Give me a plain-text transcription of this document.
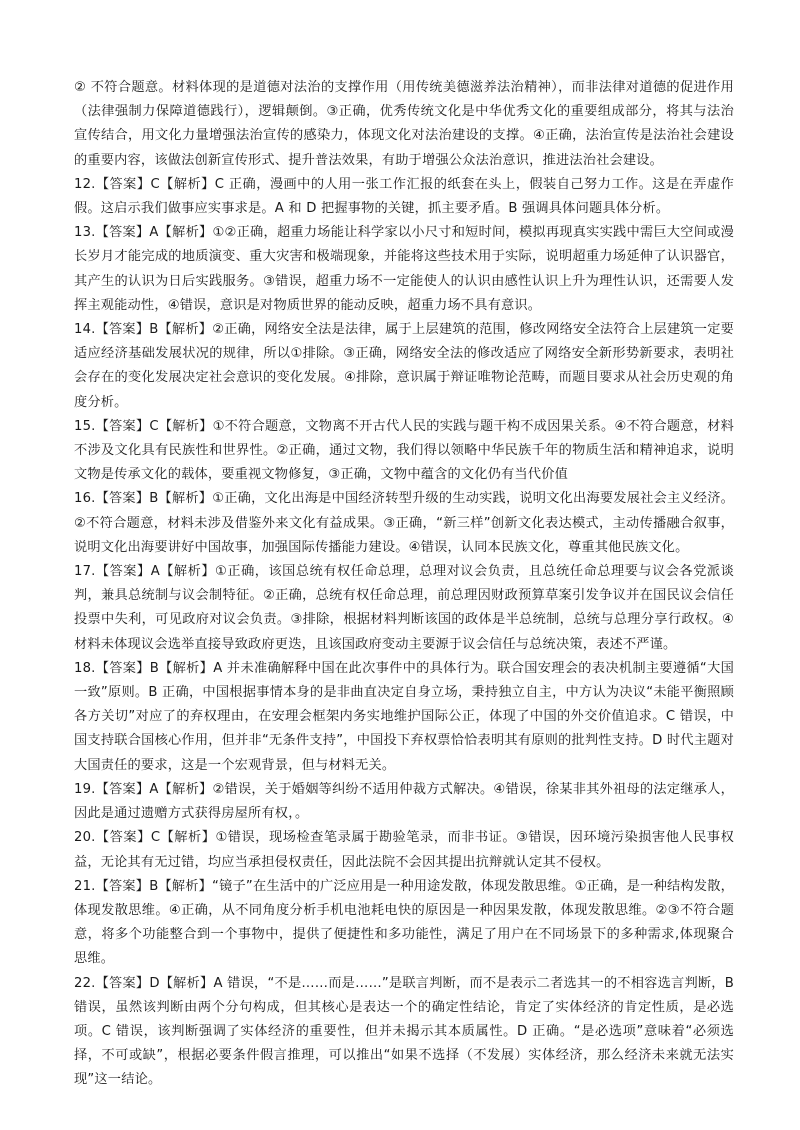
② 不符合题意。材料体现的是道德对法治的支撑作用（用传统美德滋养法治精神），而非法律对道德的促进作用（法律强制力保障道德践行），逻辑颠倒。③正确，优秀传统文化是中华优秀文化的重要组成部分，将其与法治宣传结合，用文化力量增强法治宣传的感染力，体现文化对法治建设的支撑。④正确，法治宣传是法治社会建设的重要内容，该做法创新宣传形式、提升普法效果，有助于增强公众法治意识，推进法治社会建设。

12.【答案】C【解析】C 正确，漫画中的人用一张工作汇报的纸套在头上，假装自己努力工作。这是在弄虚作假。这启示我们做事应实事求是。A 和 D 把握事物的关键，抓主要矛盾。B 强调具体问题具体分析。

13.【答案】A【解析】①②正确，超重力场能让科学家以小尺寸和短时间，模拟再现真实实践中需巨大空间或漫长岁月才能完成的地质演变、重大灾害和极端现象，并能将这些技术用于实际，说明超重力场延伸了认识器官，其产生的认识为日后实践服务。③错误，超重力场不一定能使人的认识由感性认识上升为理性认识，还需要人发挥主观能动性，④错误，意识是对物质世界的能动反映，超重力场不具有意识。

14.【答案】B【解析】②正确，网络安全法是法律，属于上层建筑的范围，修改网络安全法符合上层建筑一定要适应经济基础发展状况的规律，所以①排除。③正确，网络安全法的修改适应了网络安全新形势新要求，表明社会存在的变化发展决定社会意识的变化发展。④排除，意识属于辩证唯物论范畴，而题目要求从社会历史观的角度分析。

15.【答案】C【解析】①不符合题意，文物离不开古代人民的实践与题干构不成因果关系。④不符合题意，材料不涉及文化具有民族性和世界性。②正确，通过文物，我们得以领略中华民族千年的物质生活和精神追求，说明文物是传承文化的载体，要重视文物修复，③正确，文物中蕴含的文化仍有当代价值

16.【答案】B【解析】①正确，文化出海是中国经济转型升级的生动实践，说明文化出海要发展社会主义经济。②不符合题意，材料未涉及借鉴外来文化有益成果。③正确，“新三样”创新文化表达模式，主动传播融合叙事，说明文化出海要讲好中国故事，加强国际传播能力建设。④错误，认同本民族文化，尊重其他民族文化。

17.【答案】A【解析】①正确，该国总统有权任命总理，总理对议会负责，且总统任命总理要与议会各党派谈判，兼具总统制与议会制特征。②正确，总统有权任命总理，前总理因财政预算草案引发争议并在国民议会信任投票中失利，可见政府对议会负责。③排除，根据材料判断该国的政体是半总统制，总统与总理分享行政权。④材料未体现议会选举直接导致政府更迭，且该国政府变动主要源于议会信任与总统决策，表述不严谨。

18.【答案】B【解析】A 并未准确解释中国在此次事件中的具体行为。联合国安理会的表决机制主要遵循“大国一致”原则。B 正确，中国根据事情本身的是非曲直决定自身立场，秉持独立自主，中方认为决议“未能平衡照顾各方关切”对应了的弃权理由，在安理会框架内务实地维护国际公正，体现了中国的外交价值追求。C 错误，中国支持联合国核心作用，但并非“无条件支持”，中国投下弃权票恰恰表明其有原则的批判性支持。D 时代主题对大国责任的要求，这是一个宏观背景，但与材料无关。

19.【答案】A【解析】②错误，关于婚姻等纠纷不适用仲裁方式解决。④错误，徐某非其外祖母的法定继承人，因此是通过遗赠方式获得房屋所有权，。

20.【答案】C【解析】①错误，现场检查笔录属于勘验笔录，而非书证。③错误，因环境污染损害他人民事权益，无论其有无过错，均应当承担侵权责任，因此法院不会因其提出抗辩就认定其不侵权。

21.【答案】B【解析】“镜子”在生活中的广泛应用是一种用途发散，体现发散思维。①正确，是一种结构发散，体现发散思维。④正确，从不同角度分析手机电池耗电快的原因是一种因果发散，体现发散思维。②③不符合题意，将多个功能整合到一个事物中，提供了便捷性和多功能性，满足了用户在不同场景下的多种需求,体现聚合思维。

22.【答案】D【解析】A 错误，“不是……而是……”是联言判断，而不是表示二者选其一的不相容选言判断，B 错误，虽然该判断由两个分句构成，但其核心是表达一个的确定性结论，肯定了实体经济的肯定性质，是必选项。C 错误，该判断强调了实体经济的重要性，但并未揭示其本质属性。D 正确。“是必选项”意味着“必须选择，不可或缺”，根据必要条件假言推理，可以推出“如果不选择（不发展）实体经济，那么经济未来就无法实现”这一结论。
